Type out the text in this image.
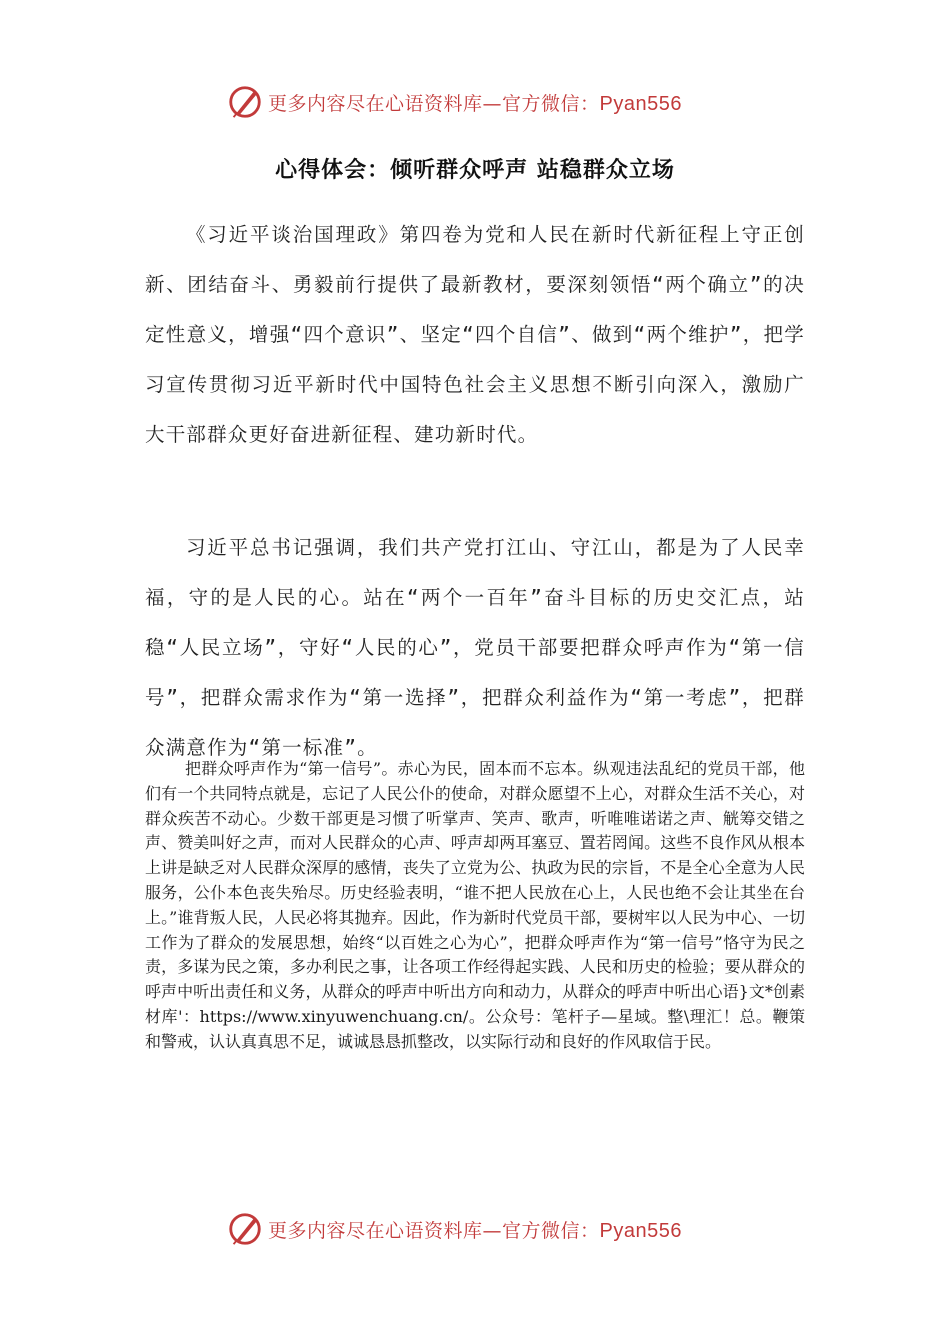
更多内容尽在心语资料库—官方微信：Pyan556
心得体会：倾听群众呼声 站稳群众立场

《习近平谈治国理政》第四卷为党和人民在新时代新征程上守正创新、团结奋斗、勇毅前行提供了最新教材，要深刻领悟“两个确立”的决定性意义，增强“四个意识”、坚定“四个自信”、做到“两个维护”，把学习宣传贯彻习近平新时代中国特色社会主义思想不断引向深入，激励广大干部群众更好奋进新征程、建功新时代。

习近平总书记强调，我们共产党打江山、守江山，都是为了人民幸福，守的是人民的心。站在“两个一百年”奋斗目标的历史交汇点，站稳“人民立场”，守好“人民的心”，党员干部要把群众呼声作为“第一信号”，把群众需求作为“第一选择”，把群众利益作为“第一考虑”，把群众满意作为“第一标准”。

把群众呼声作为“第一信号”。赤心为民，固本而不忘本。纵观违法乱纪的党员干部，他们有一个共同特点就是，忘记了人民公仆的使命，对群众愿望不上心，对群众生活不关心，对群众疾苦不动心。少数干部更是习惯了听掌声、笑声、歌声，听唯唯诺诺之声、觥筹交错之声、赞美叫好之声，而对人民群众的心声、呼声却两耳塞豆、置若罔闻。这些不良作风从根本上讲是缺乏对人民群众深厚的感情，丧失了立党为公、执政为民的宗旨，不是全心全意为人民服务，公仆本色丧失殆尽。历史经验表明，“谁不把人民放在心上，人民也绝不会让其坐在台上。”谁背叛人民，人民必将其抛弃。因此，作为新时代党员干部，要树牢以人民为中心、一切工作为了群众的发展思想，始终“以百姓之心为心”，把群众呼声作为“第一信号”恪守为民之责，多谋为民之策，多办利民之事，让各项工作经得起实践、人民和历史的检验；要从群众的呼声中听出责任和义务，从群众的呼声中听出方向和动力，从群众的呼声中听出心语}文*创素材库'：https://www.xinyuwenchuang.cn/。公众号：笔杆子—星域。整\理汇！总。鞭策和警戒，认认真真思不足，诚诚恳恳抓整改，以实际行动和良好的作风取信于民。

更多内容尽在心语资料库—官方微信：Pyan556
